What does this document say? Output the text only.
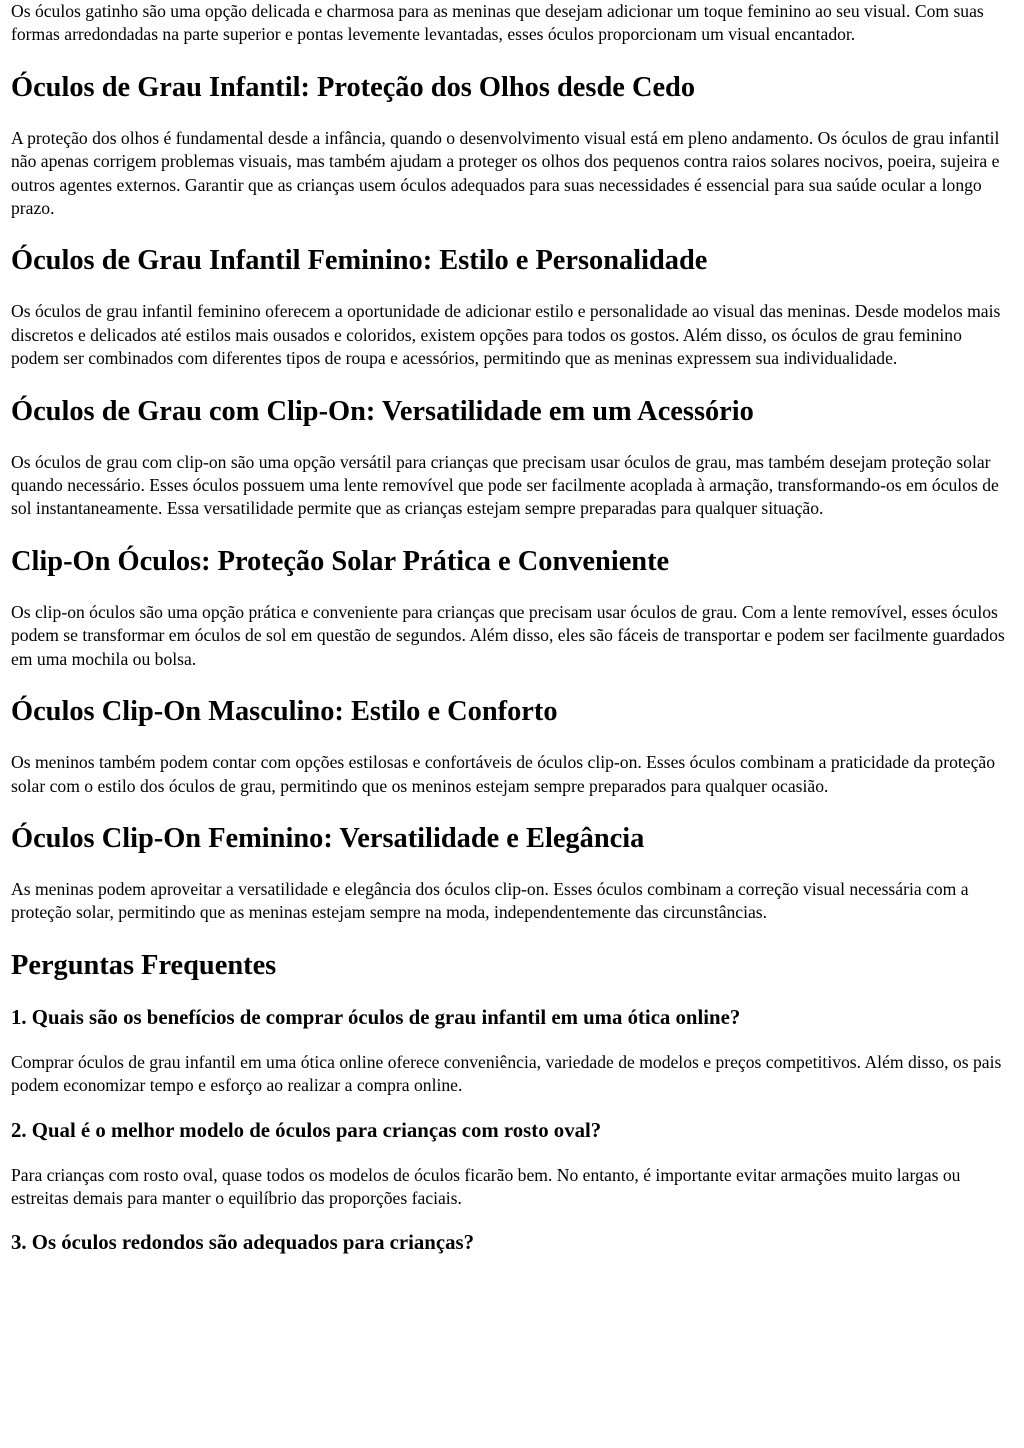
Os óculos gatinho são uma opção delicada e charmosa para as meninas que desejam adicionar um toque feminino ao seu visual. Com suas formas arredondadas na parte superior e pontas levemente levantadas, esses óculos proporcionam um visual encantador.

Óculos de Grau Infantil: Proteção dos Olhos desde Cedo

A proteção dos olhos é fundamental desde a infância, quando o desenvolvimento visual está em pleno andamento. Os óculos de grau infantil não apenas corrigem problemas visuais, mas também ajudam a proteger os olhos dos pequenos contra raios solares nocivos, poeira, sujeira e outros agentes externos. Garantir que as crianças usem óculos adequados para suas necessidades é essencial para sua saúde ocular a longo prazo.

Óculos de Grau Infantil Feminino: Estilo e Personalidade

Os óculos de grau infantil feminino oferecem a oportunidade de adicionar estilo e personalidade ao visual das meninas. Desde modelos mais discretos e delicados até estilos mais ousados e coloridos, existem opções para todos os gostos. Além disso, os óculos de grau feminino podem ser combinados com diferentes tipos de roupa e acessórios, permitindo que as meninas expressem sua individualidade.

Óculos de Grau com Clip-On: Versatilidade em um Acessório

Os óculos de grau com clip-on são uma opção versátil para crianças que precisam usar óculos de grau, mas também desejam proteção solar quando necessário. Esses óculos possuem uma lente removível que pode ser facilmente acoplada à armação, transformando-os em óculos de sol instantaneamente. Essa versatilidade permite que as crianças estejam sempre preparadas para qualquer situação.

Clip-On Óculos: Proteção Solar Prática e Conveniente

Os clip-on óculos são uma opção prática e conveniente para crianças que precisam usar óculos de grau. Com a lente removível, esses óculos podem se transformar em óculos de sol em questão de segundos. Além disso, eles são fáceis de transportar e podem ser facilmente guardados em uma mochila ou bolsa.

Óculos Clip-On Masculino: Estilo e Conforto

Os meninos também podem contar com opções estilosas e confortáveis de óculos clip-on. Esses óculos combinam a praticidade da proteção solar com o estilo dos óculos de grau, permitindo que os meninos estejam sempre preparados para qualquer ocasião.

Óculos Clip-On Feminino: Versatilidade e Elegância

As meninas podem aproveitar a versatilidade e elegância dos óculos clip-on. Esses óculos combinam a correção visual necessária com a proteção solar, permitindo que as meninas estejam sempre na moda, independentemente das circunstâncias.

Perguntas Frequentes
1. Quais são os benefícios de comprar óculos de grau infantil em uma ótica online?

Comprar óculos de grau infantil em uma ótica online oferece conveniência, variedade de modelos e preços competitivos. Além disso, os pais podem economizar tempo e esforço ao realizar a compra online.

2. Qual é o melhor modelo de óculos para crianças com rosto oval?

Para crianças com rosto oval, quase todos os modelos de óculos ficarão bem. No entanto, é importante evitar armações muito largas ou estreitas demais para manter o equilíbrio das proporções faciais.

3. Os óculos redondos são adequados para crianças?
